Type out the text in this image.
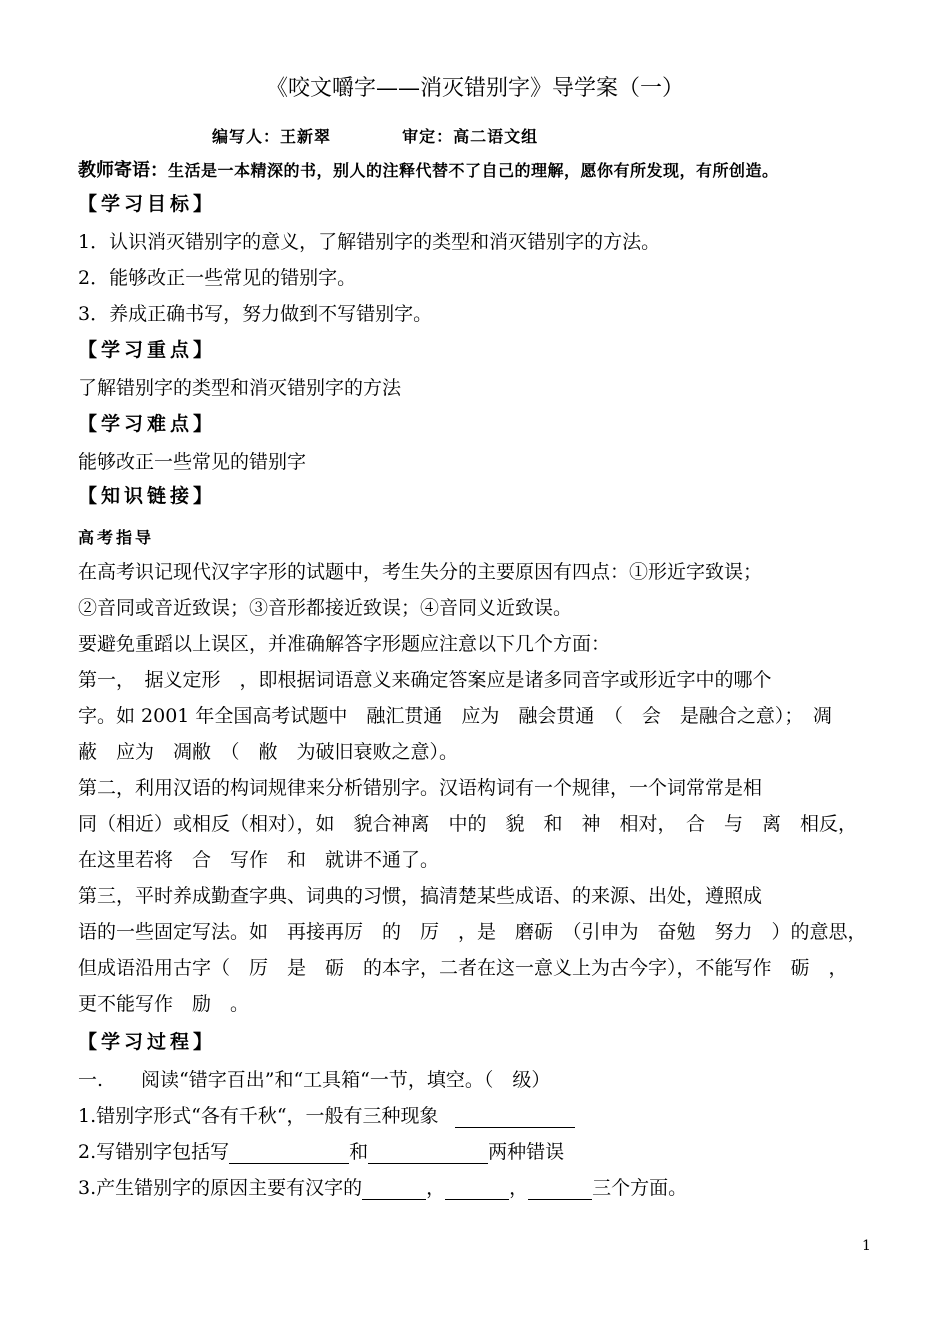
《咬文嚼字——消灭错别字》导学案（一）
编写人：王新翠	审定：高二语文组
教师寄语：生活是一本精深的书，别人的注释代替不了自己的理解，愿你有所发现，有所创造。
【学习目标】
1．认识消灭错别字的意义，了解错别字的类型和消灭错别字的方法。
2．能够改正一些常见的错别字。
3．养成正确书写，努力做到不写错别字。
【学习重点】
了解错别字的类型和消灭错别字的方法
【学习难点】
能够改正一些常见的错别字
【知识链接】
高考指导
在高考识记现代汉字字形的试题中，考生失分的主要原因有四点：①形近字致误；
②音同或音近致误；③音形都接近致误；④音同义近致误。
要避免重蹈以上误区，并准确解答字形题应注意以下几个方面：
第一，　据义定形　，即根据词语意义来确定答案应是诸多同音字或形近字中的哪个
字。如 2001 年全国高考试题中　融汇贯通　应为　融会贯通　（　会　是融合之意）；　凋
蔽　应为　凋敝　（　敝　为破旧衰败之意）。
第二，利用汉语的构词规律来分析错别字。汉语构词有一个规律，一个词常常是相
同（相近）或相反（相对），如　貌合神离　中的　貌　和　神　相对，　合　与　离　相反，
在这里若将　合　写作　和　就讲不通了。
第三，平时养成勤查字典、词典的习惯，搞清楚某些成语、的来源、出处，遵照成
语的一些固定写法。如　再接再厉　的　厉　，是　磨砺　（引申为　奋勉　努力　）的意思，
但成语沿用古字（　厉　是　砺　的本字，二者在这一意义上为古今字），不能写作　砺　，
更不能写作　励　。
【学习过程】
一.　　阅读“错字百出”和“工具箱“一节，填空。（　级）
1.错别字形式“各有千秋“，一般有三种现象
2.写错别字包括写	和	两种错误
3.产生错别字的原因主要有汉字的	，	，	三个方面。
1
